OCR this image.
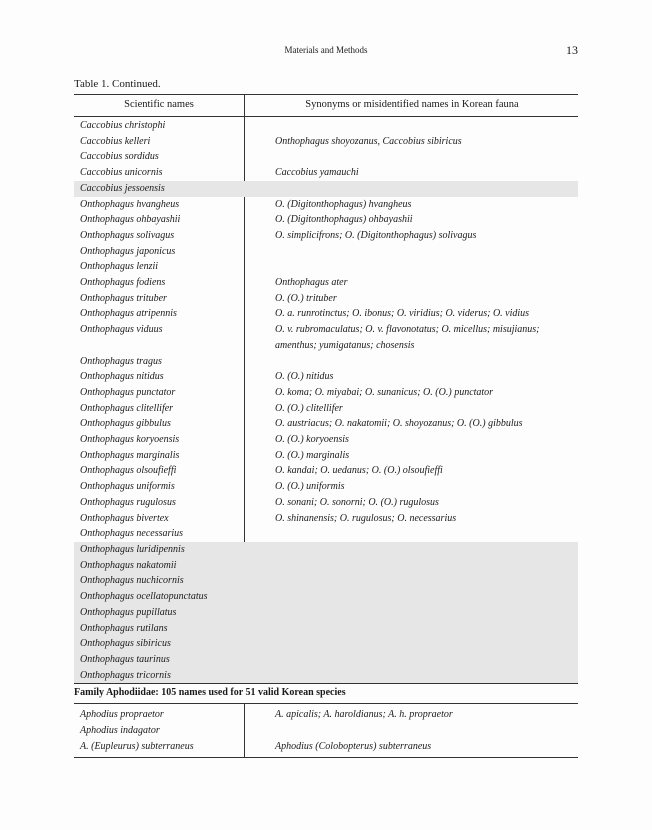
Materials and Methods	13
Table 1. Continued.
Scientific names	Synonyms or misidentified names in Korean fauna
Caccobius christophi

Caccobius kelleri	Onthophagus shoyozanus, Caccobius sibiricus
Caccobius sordidus

Caccobius unicornis	Caccobius yamauchi
Caccobius jessoensis

Onthophagus hvangheus	O. (Digitonthophagus) hvangheus
Onthophagus ohbayashii	O. (Digitonthophagus) ohbayashii
Onthophagus solivagus	O. simplicifrons; O. (Digitonthophagus) solivagus
Onthophagus japonicus

Onthophagus lenzii

Onthophagus fodiens	Onthophagus ater
Onthophagus trituber	O. (O.) trituber
Onthophagus atripennis	O. a. runrotinctus; O. ibonus; O. viridius; O. viderus; O. vidius
Onthophagus viduus	O. v. rubromaculatus; O. v. flavonotatus; O. micellus; misujianus; amenthus; yumigatanus; chosensis
Onthophagus tragus

Onthophagus nitidus	O. (O.) nitidus
Onthophagus punctator	O. koma; O. miyabai; O. sunanicus; O. (O.) punctator
Onthophagus clitellifer	O. (O.) clitellifer
Onthophagus gibbulus	O. austriacus; O. nakatomii; O. shoyozanus; O. (O.) gibbulus
Onthophagus koryoensis	O. (O.) koryoensis
Onthophagus marginalis	O. (O.) marginalis
Onthophagus olsoufieffi	O. kandai; O. uedanus; O. (O.) olsoufieffi
Onthophagus uniformis	O. (O.) uniformis
Onthophagus rugulosus	O. sonani; O. sonorni; O. (O.) rugulosus
Onthophagus bivertex	O. shinanensis; O. rugulosus; O. necessarius
Onthophagus necessarius

Onthophagus luridipennis

Onthophagus nakatomii

Onthophagus nuchicornis

Onthophagus ocellatopunctatus

Onthophagus pupillatus

Onthophagus rutilans

Onthophagus sibiricus

Onthophagus taurinus

Onthophagus tricornis

Family Aphodiidae: 105 names used for 51 valid Korean species
Aphodius propraetor	A. apicalis; A. haroldianus; A. h. propraetor
Aphodius indagator

A. (Eupleurus) subterraneus	Aphodius (Colobopterus) subterraneus
